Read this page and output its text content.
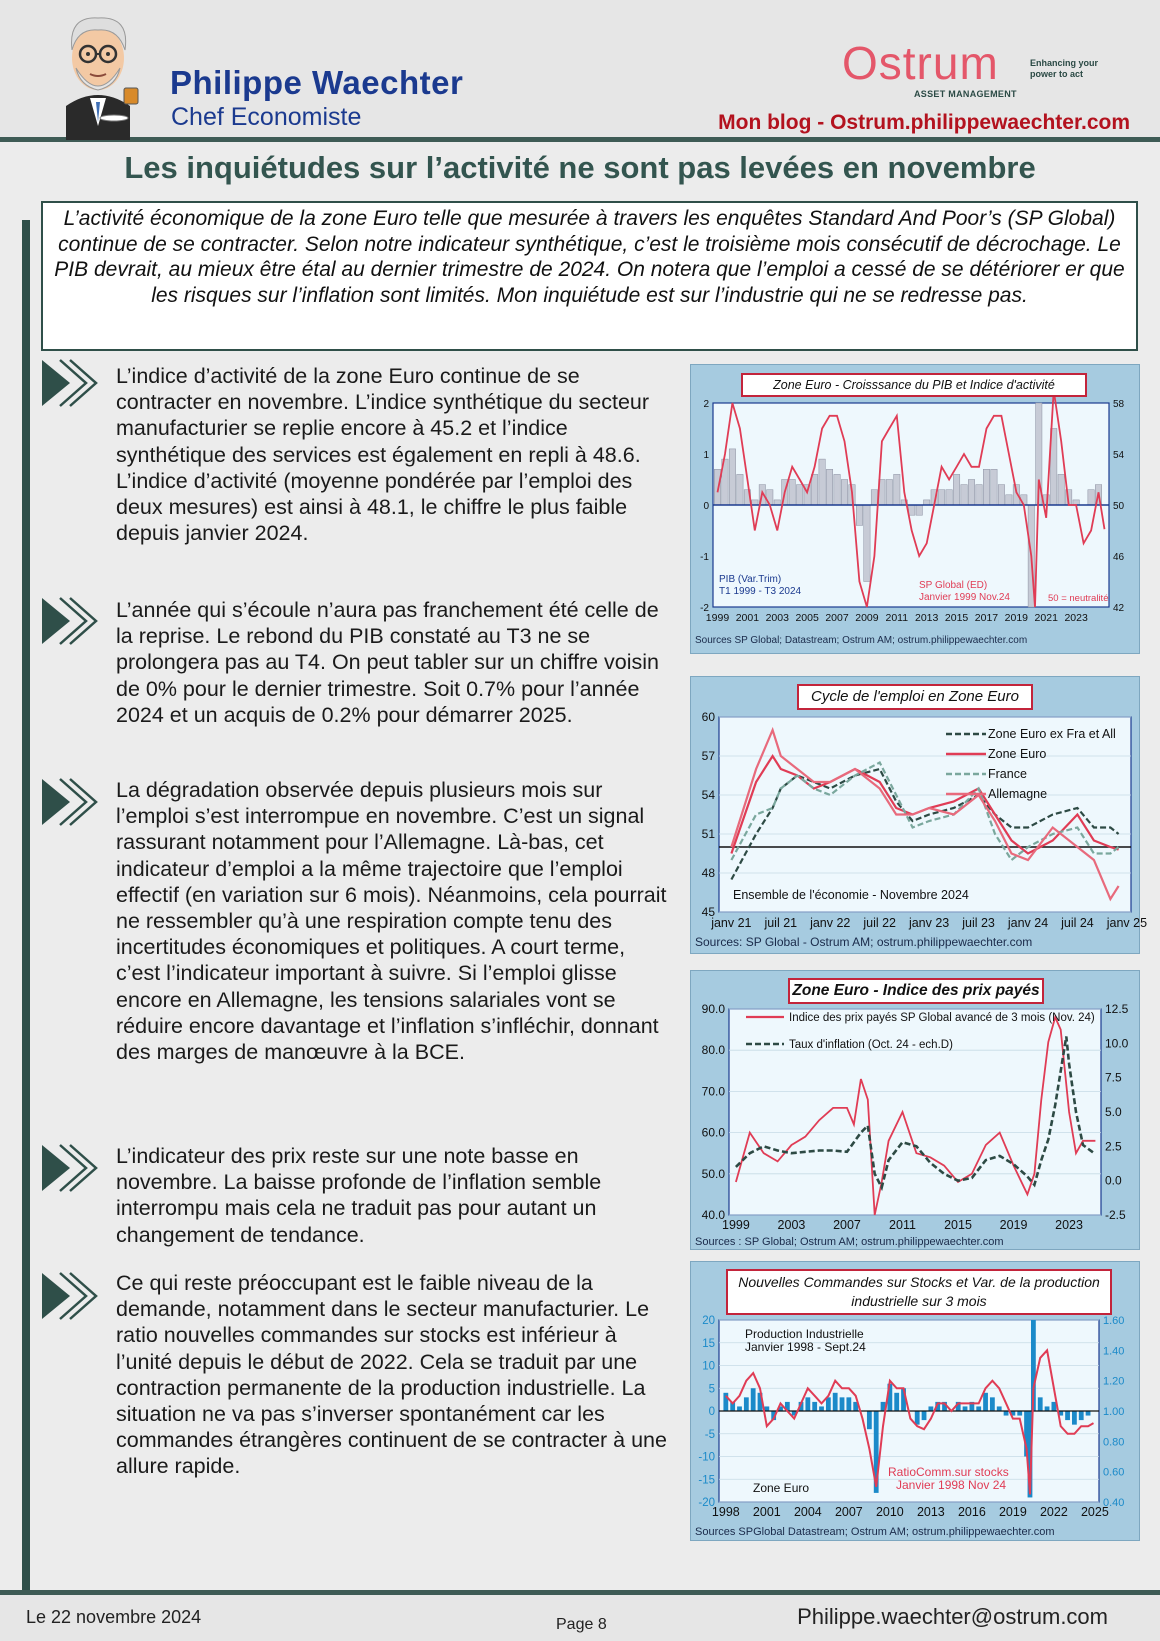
Philippe Waechter
Chef Economiste
Ostrum	Enhancing your power to act
ASSET MANAGEMENT
Mon blog - Ostrum.philippewaechter.com
Les inquiétudes sur l’activité ne sont pas levées en novembre
L’activité économique de la zone Euro telle que mesurée à travers les enquêtes Standard And Poor’s (SP Global) continue de se contracter. Selon notre indicateur synthétique, c’est le troisième mois consécutif de décrochage. Le PIB devrait, au mieux être étal au dernier trimestre de 2024. On notera que l’emploi a cessé de se détériorer er que les risques sur l’inflation sont limités. Mon inquiétude est sur l’industrie qui ne se redresse pas.
L’indice d’activité de la zone Euro continue de se contracter en novembre. L’indice synthétique du secteur manufacturier se replie encore à 45.2 et l’indice synthétique des services est également en repli à 48.6. L’indice d’activité (moyenne pondérée par l’emploi des deux mesures) est ainsi à 48.1, le chiffre le plus faible depuis janvier 2024.
L’année qui s’écoule n’aura pas franchement été celle de la reprise. Le rebond du PIB constaté au T3 ne se prolongera pas au T4. On peut tabler sur un chiffre voisin de 0% pour le dernier trimestre. Soit 0.7% pour l’année 2024 et un acquis de 0.2% pour démarrer 2025.
La dégradation observée depuis plusieurs mois sur l’emploi s’est interrompue en novembre. C’est un signal rassurant notamment pour l’Allemagne. Là-bas, cet indicateur d’emploi a la même trajectoire que l’emploi effectif (en variation sur 6 mois). Néanmoins, cela pourrait ne ressembler qu’à une respiration compte tenu des incertitudes économiques et politiques. A court terme, c’est l’indicateur important à suivre. Si l’emploi glisse encore en Allemagne, les tensions salariales vont se réduire encore davantage et l’inflation s’infléchir, donnant des marges de manœuvre à la BCE.
L’indicateur des prix reste sur une note basse en novembre. La baisse profonde de l’inflation semble interrompu mais cela ne traduit pas pour autant un changement de tendance.
Ce qui reste préoccupant est le faible niveau de la demande, notamment dans le secteur manufacturier. Le ratio nouvelles commandes sur stocks est inférieur à l’unité depuis le début de 2022. Cela se traduit par une contraction permanente de la production industrielle. La situation ne va pas s’inverser spontanément car les commandes étrangères continuent de se contracter à une allure rapide.
2
1
0
-1
-2
58
54
50
46
42
1999 2001 2003 2005 2007 2009 2011 2013 2015 2017 2019 2021 2023
PIB (Var.Trim)
T1 1999 - T3 2024
SP Global (ED)
Janvier 1999 Nov.24	50 = neutralité
Zone Euro - Croisssance du PIB et Indice d'activité
Sources SP Global; Datastream; Ostrum AM; ostrum.philippewaechter.com
Zone Euro ex Fra et All
Zone Euro
France
Allemagne
60
57
54
51
48
45
janv 21 juil 21 janv 22 juil 22 janv 23 juil 23 janv 24 juil 24 janv 25
Ensemble de l'économie - Novembre 2024
Cycle de l'emploi en Zone Euro
Sources: SP Global - Ostrum AM; ostrum.philippewaechter.com
Indice des prix payés SP Global avancé de 3 mois (Nov. 24)
Taux d'inflation (Oct. 24 - ech.D)
90.0
80.0
70.0
60.0
50.0
40.0
12.5
10.0
7.5
5.0
2.5
0.0
-2.5
1999 2003 2007 2011 2015 2019 2023
Zone Euro - Indice des prix payés
Sources : SP Global; Ostrum AM; ostrum.philippewaechter.com
20
15
10
5
0
-5
-10
-15
-20
1.60
1.40
1.20
1.00
0.80
0.60
0.40
1998 2001 2004 2007 2010 2013 2016 2019 2022 2025
Production Industrielle
Janvier 1998 - Sept.24
Zone Euro
RatioComm.sur stocks
Janvier 1998 Nov 24
Nouvelles Commandes sur Stocks et Var. de la production industrielle sur 3 mois
Sources SPGlobal Datastream; Ostrum AM; ostrum.philippewaechter.com
Le 22 novembre 2024	Page 8	Philippe.waechter@ostrum.com
